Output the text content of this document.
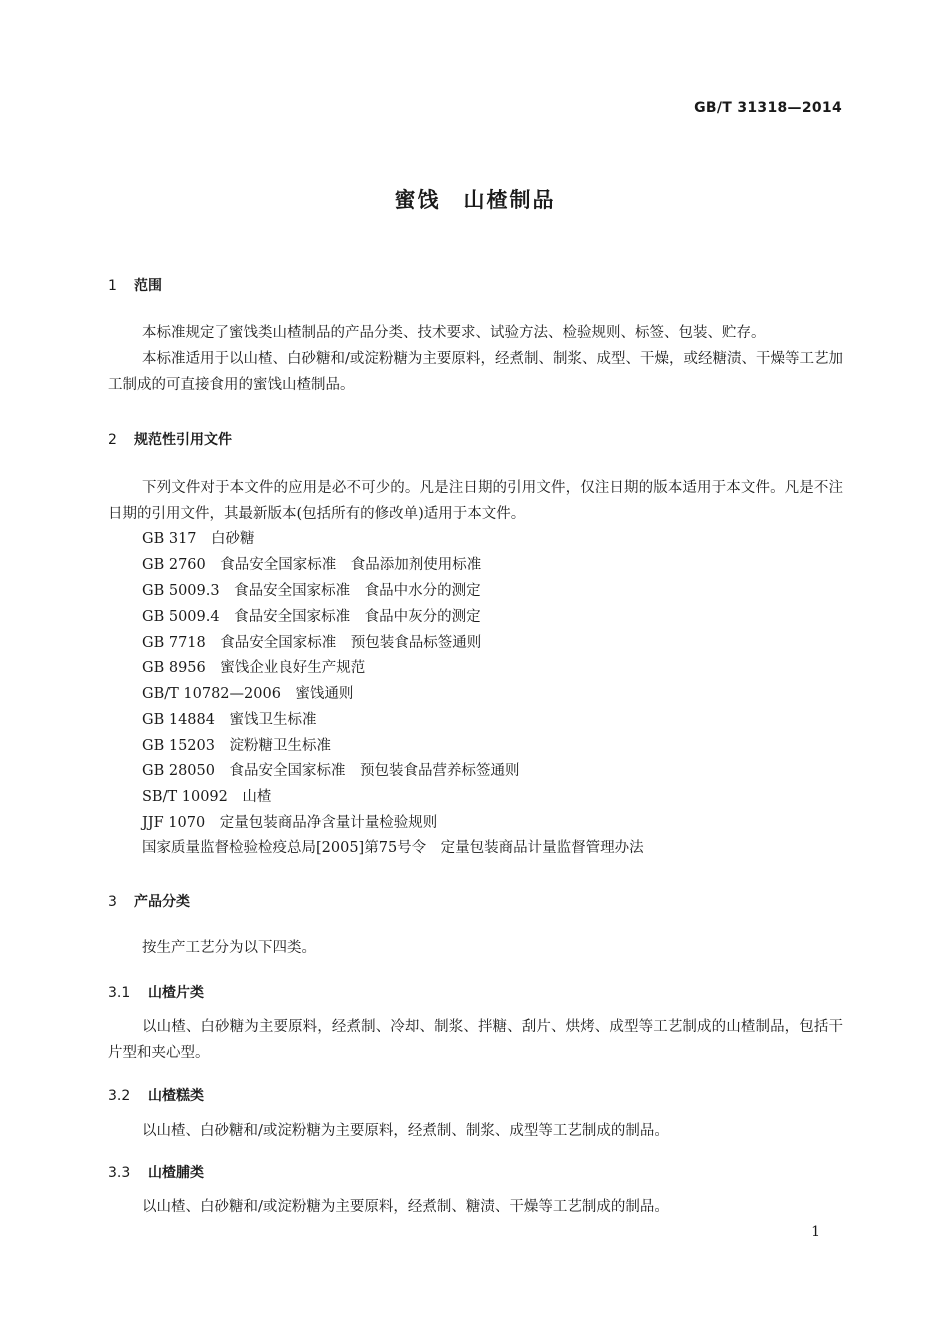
GB/T 31318—2014
蜜饯　山楂制品
1 范围
本标准规定了蜜饯类山楂制品的产品分类、技术要求、试验方法、检验规则、标签、包装、贮存。
本标准适用于以山楂、白砂糖和/或淀粉糖为主要原料，经煮制、制浆、成型、干燥，或经糖渍、干燥等工艺加工制成的可直接食用的蜜饯山楂制品。
2 规范性引用文件
下列文件对于本文件的应用是必不可少的。凡是注日期的引用文件，仅注日期的版本适用于本文件。凡是不注日期的引用文件，其最新版本(包括所有的修改单)适用于本文件。
GB 317　白砂糖
GB 2760　食品安全国家标准　食品添加剂使用标准
GB 5009.3　食品安全国家标准　食品中水分的测定
GB 5009.4　食品安全国家标准　食品中灰分的测定
GB 7718　食品安全国家标准　预包装食品标签通则
GB 8956　蜜饯企业良好生产规范
GB/T 10782—2006　蜜饯通则
GB 14884　蜜饯卫生标准
GB 15203　淀粉糖卫生标准
GB 28050　食品安全国家标准　预包装食品营养标签通则
SB/T 10092　山楂
JJF 1070　定量包装商品净含量计量检验规则
国家质量监督检验检疫总局[2005]第75号令　定量包装商品计量监督管理办法
3 产品分类
按生产工艺分为以下四类。
3.1 山楂片类
以山楂、白砂糖为主要原料，经煮制、冷却、制浆、拌糖、刮片、烘烤、成型等工艺制成的山楂制品，包括干片型和夹心型。
3.2 山楂糕类
以山楂、白砂糖和/或淀粉糖为主要原料，经煮制、制浆、成型等工艺制成的制品。
3.3 山楂脯类
以山楂、白砂糖和/或淀粉糖为主要原料，经煮制、糖渍、干燥等工艺制成的制品。
1
